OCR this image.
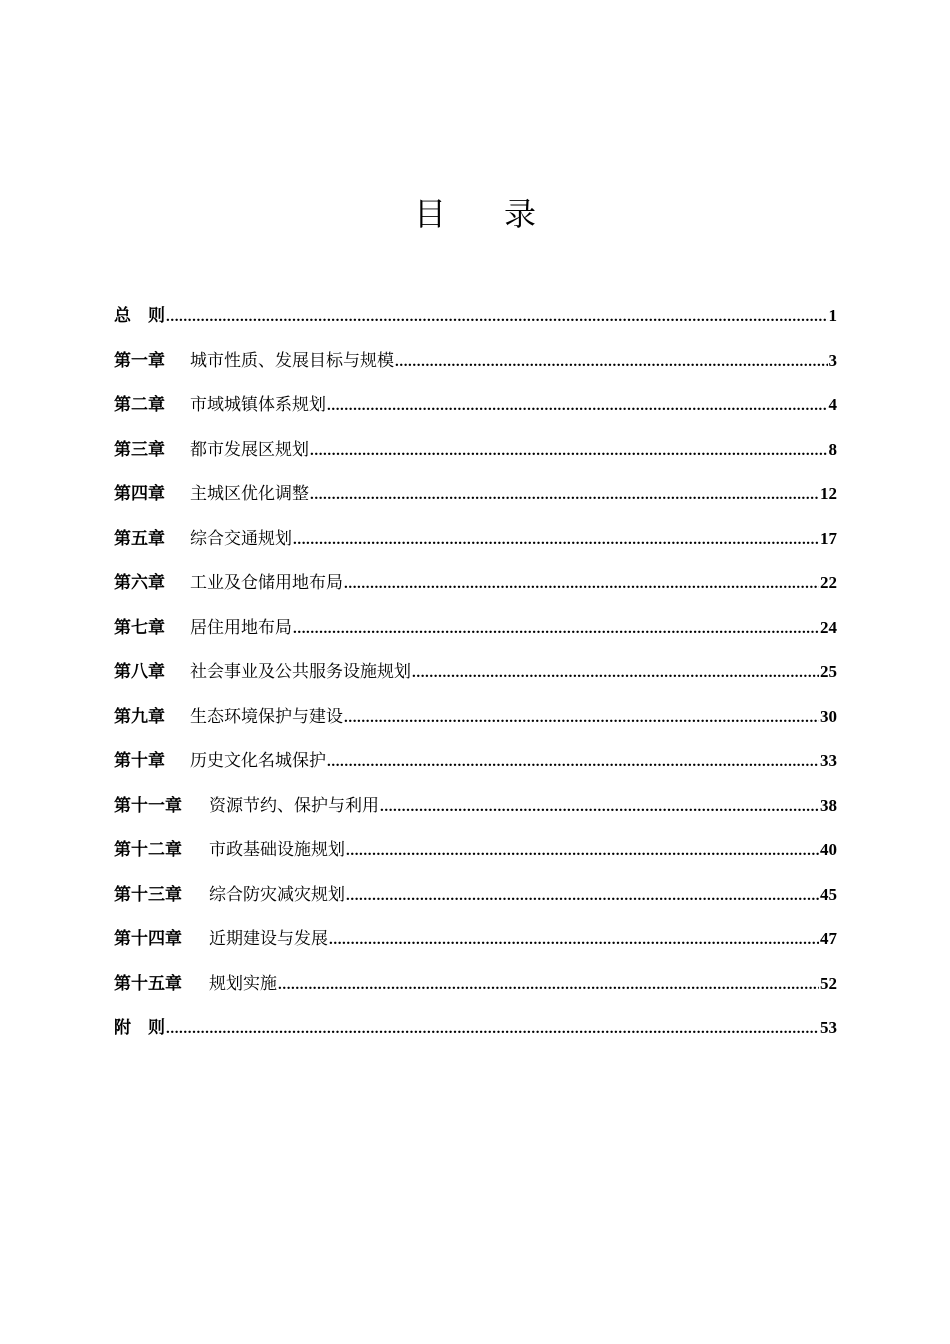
目 录
总　则 .....	1
第一章	城市性质、发展目标与规模 .....	3
第二章	市域城镇体系规划 .....	4
第三章	都市发展区规划 .....	8
第四章	主城区优化调整 .....	12
第五章	综合交通规划 .....	17
第六章	工业及仓储用地布局 .....	22
第七章	居住用地布局 .....	24
第八章	社会事业及公共服务设施规划 .....	25
第九章	生态环境保护与建设 .....	30
第十章	历史文化名城保护 .....	33
第十一章	资源节约、保护与利用 .....	38
第十二章	市政基础设施规划 .....	40
第十三章	综合防灾减灾规划 .....	45
第十四章	近期建设与发展 .....	47
第十五章	规划实施 .....	52
附　则 .....	53
